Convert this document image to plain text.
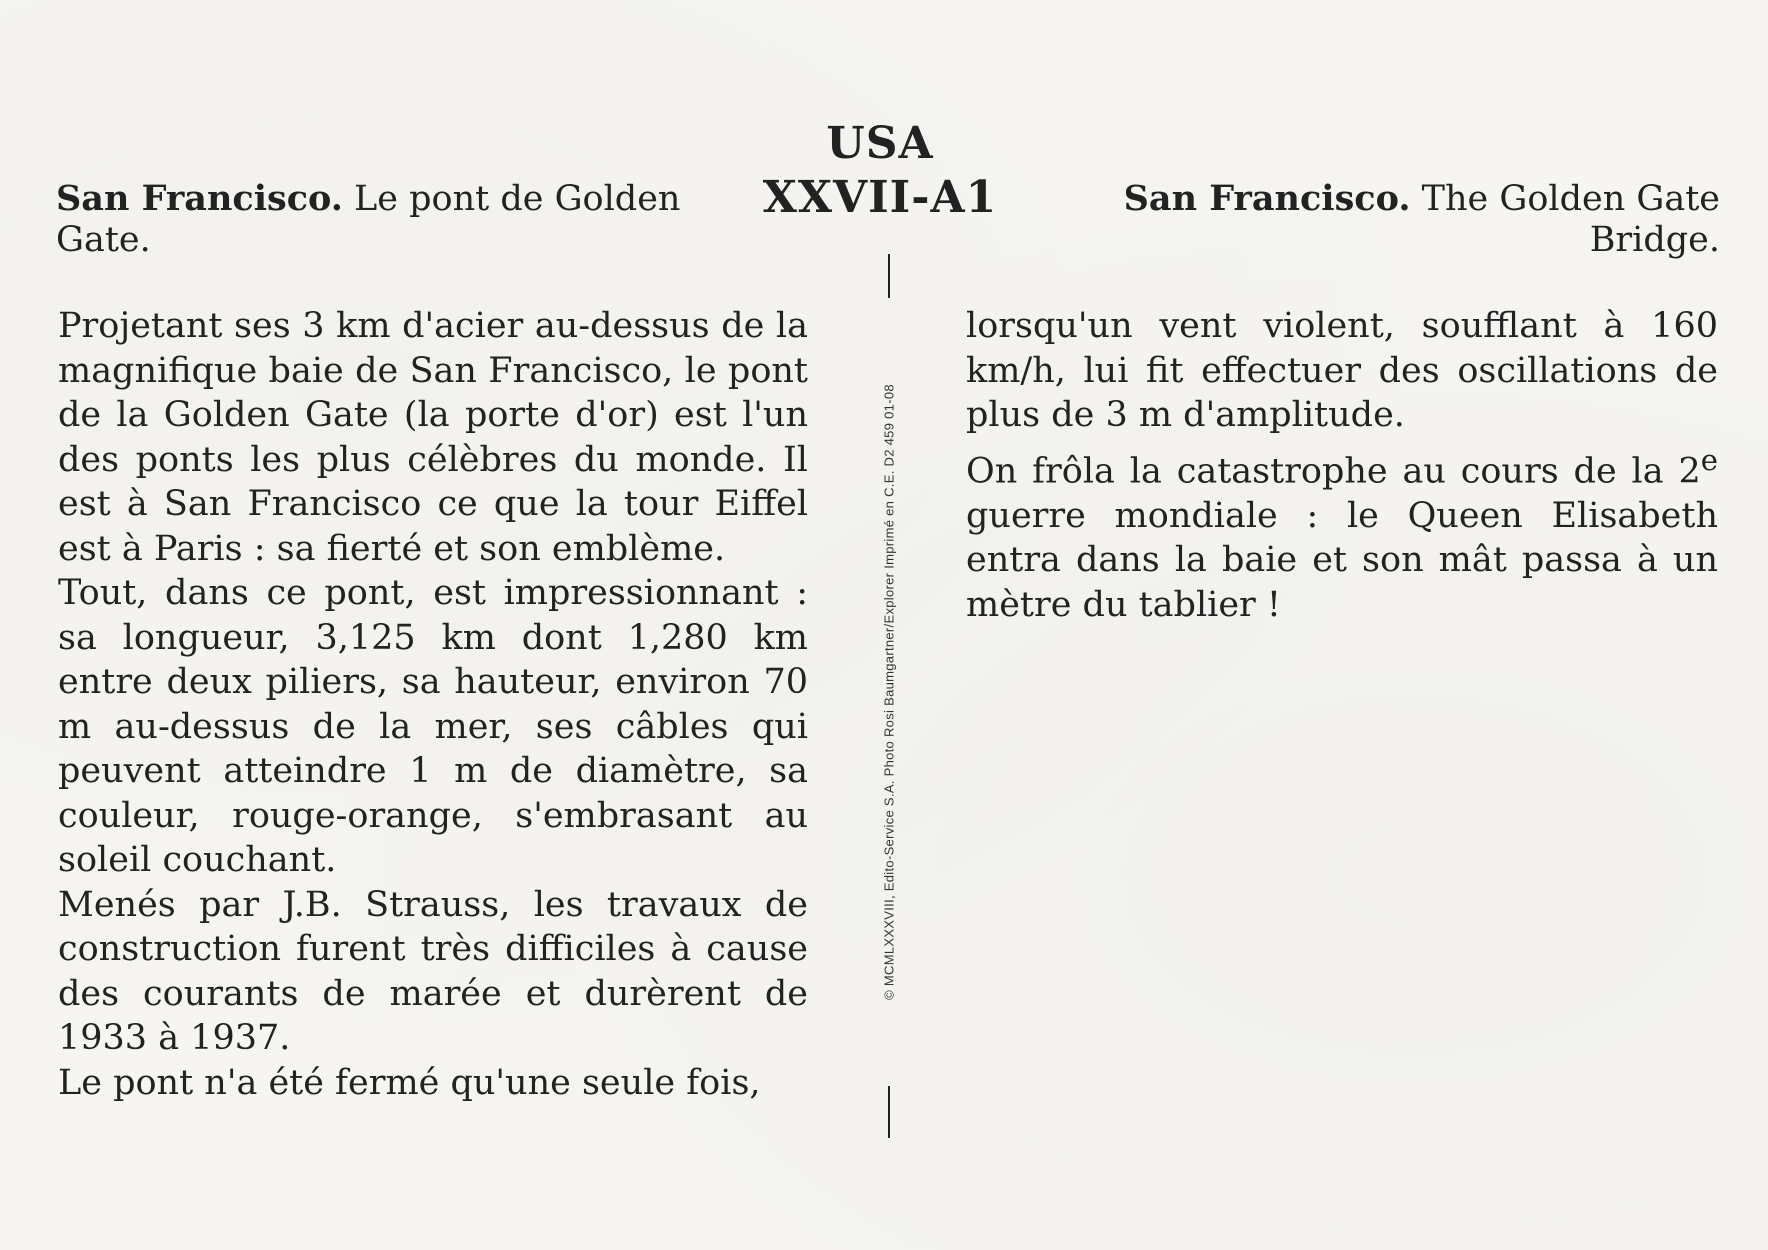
USA
XXVII-A1
San Francisco. Le pont de Golden Gate.
San Francisco. The Golden Gate Bridge.
© MCMLXXXVIII, Edito-Service S.A. Photo Rosi Baumgartner/Explorer Imprimé en C.E. D2 459 01-08

Projetant ses 3 km d'acier au-dessus de la magnifique baie de San Francisco, le pont de la Golden Gate (la porte d'or) est l'un des ponts les plus célèbres du monde. Il est à San Francisco ce que la tour Eiffel est à Paris : sa fierté et son emblème.

Tout, dans ce pont, est impressionnant : sa longueur, 3,125 km dont 1,280 km entre deux piliers, sa hauteur, environ 70 m au-dessus de la mer, ses câbles qui peuvent atteindre 1 m de diamètre, sa couleur, rouge-orange, s'embrasant au soleil couchant.

Menés par J.B. Strauss, les travaux de construction furent très difficiles à cause des courants de marée et durèrent de 1933 à 1937.

Le pont n'a été fermé qu'une seule fois,

lorsqu'un vent violent, soufflant à 160 km/h, lui fit effectuer des oscillations de plus de 3 m d'amplitude.

On frôla la catastrophe au cours de la 2e guerre mondiale : le Queen Elisabeth entra dans la baie et son mât passa à un mètre du tablier !
